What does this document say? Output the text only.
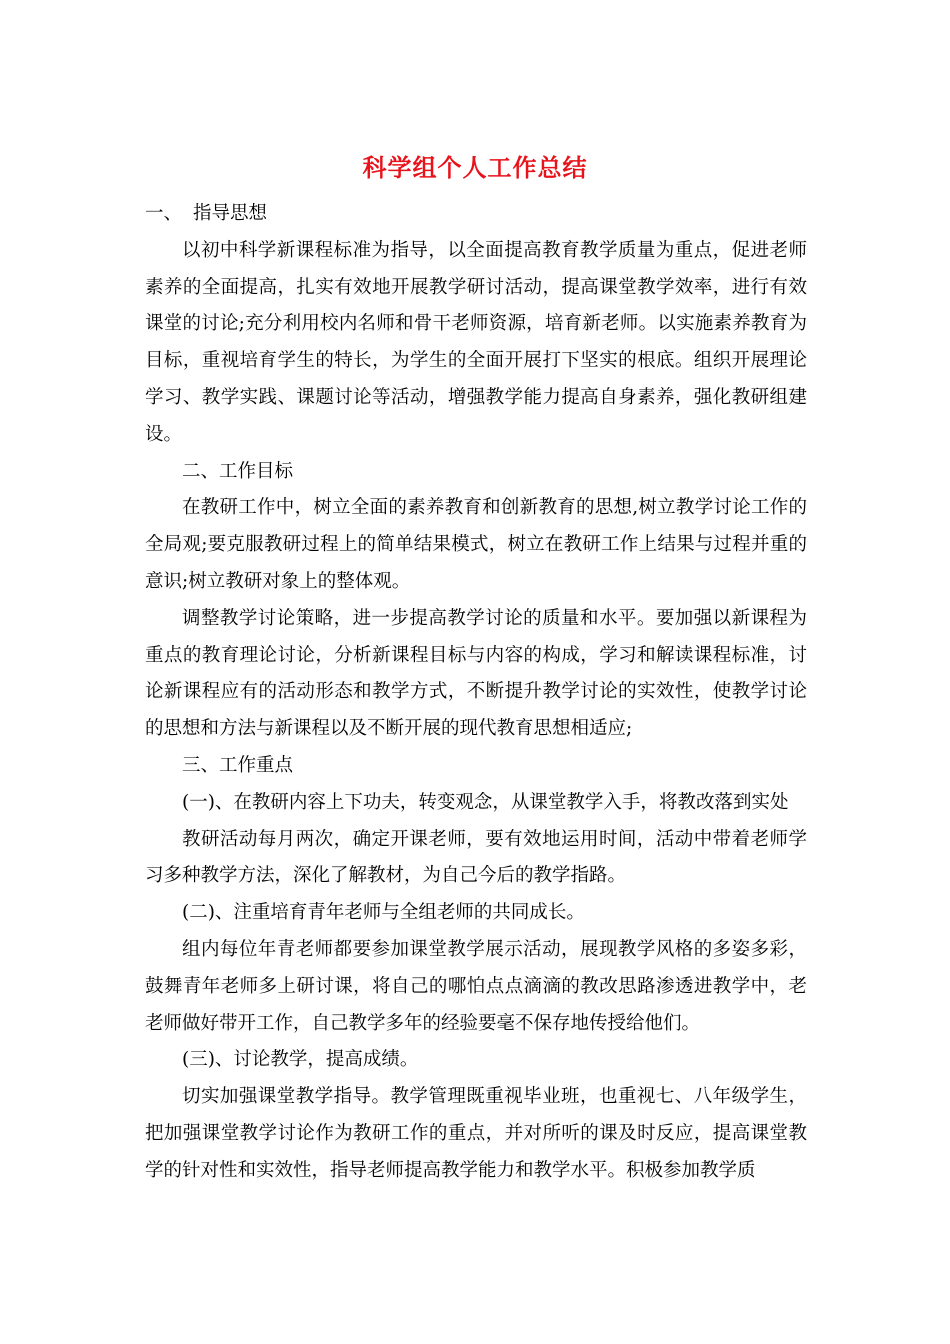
科学组个人工作总结

一、 指导思想

以初中科学新课程标准为指导，以全面提高教育教学质量为重点，促进老师素养的全面提高，扎实有效地开展教学研讨活动，提高课堂教学效率，进行有效课堂的讨论;充分利用校内名师和骨干老师资源，培育新老师。以实施素养教育为目标，重视培育学生的特长，为学生的全面开展打下坚实的根底。组织开展理论学习、教学实践、课题讨论等活动，增强教学能力提高自身素养，强化教研组建设。

二、工作目标

在教研工作中，树立全面的素养教育和创新教育的思想,树立教学讨论工作的全局观;要克服教研过程上的简单结果模式，树立在教研工作上结果与过程并重的意识;树立教研对象上的整体观。

调整教学讨论策略，进一步提高教学讨论的质量和水平。要加强以新课程为重点的教育理论讨论，分析新课程目标与内容的构成，学习和解读课程标准，讨论新课程应有的活动形态和教学方式，不断提升教学讨论的实效性，使教学讨论的思想和方法与新课程以及不断开展的现代教育思想相适应;

三、工作重点

(一)、在教研内容上下功夫，转变观念，从课堂教学入手，将教改落到实处

教研活动每月两次，确定开课老师，要有效地运用时间，活动中带着老师学习多种教学方法，深化了解教材，为自己今后的教学指路。

(二)、注重培育青年老师与全组老师的共同成长。

组内每位年青老师都要参加课堂教学展示活动，展现教学风格的多姿多彩，鼓舞青年老师多上研讨课，将自己的哪怕点点滴滴的教改思路渗透进教学中，老老师做好带开工作，自己教学多年的经验要毫不保存地传授给他们。

(三)、讨论教学，提高成绩。

切实加强课堂教学指导。教学管理既重视毕业班，也重视七、八年级学生，把加强课堂教学讨论作为教研工作的重点，并对所听的课及时反应，提高课堂教学的针对性和实效性，指导老师提高教学能力和教学水平。积极参加教学质
